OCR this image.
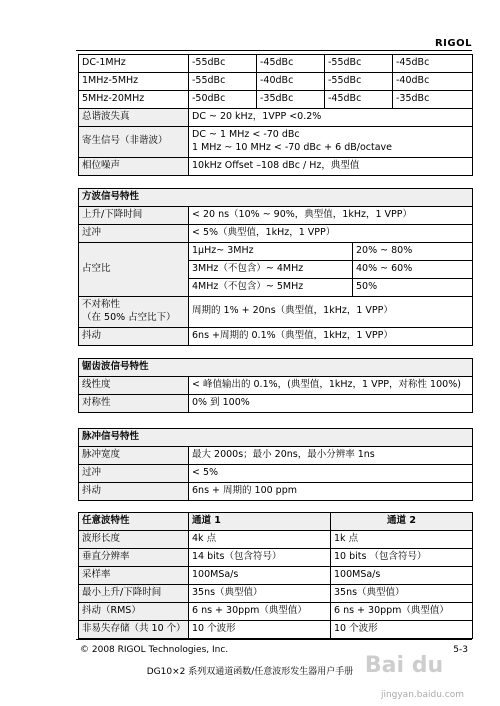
RIGOL
DC-1MHz	-55dBc	-45dBc	-55dBc	-45dBc
1MHz-5MHz	-55dBc	-40dBc	-55dBc	-40dBc
5MHz-20MHz	-50dBc	-35dBc	-45dBc	-35dBc
总谐波失真	DC ~ 20 kHz，1VPP <0.2%			
寄生信号（非谐波）	DC ~ 1 MHz < -70 dBc
1 MHz ~ 10 MHz < -70 dBc + 6 dB/octave			

相位噪声	10kHz Offset –108 dBc / Hz，典型值			
方波信号特性		
上升/下降时间	< 20 ns（10% ~ 90%，典型值，1kHz，1 VPP）	
过冲	< 5%（典型值，1kHz，1 VPP）	
占空比	1μHz~ 3MHz	20% ~ 80%
	3MHz（不包含）~ 4MHz	40% ~ 60%
	4MHz（不包含）~ 5MHz	50%

不对称性
（在 50% 占空比下）	周期的 1% + 20ns（典型值，1kHz，1 VPP）	
抖动	6ns +周期的 0.1%（典型值，1kHz，1 VPP）	
锯齿波信号特性	
线性度	< 峰值输出的 0.1%，(典型值，1kHz，1 VPP，对称性 100%)
对称性	0% 到 100%
脉冲信号特性	
脉冲宽度	最大 2000s；最小 20ns，最小分辨率 1ns
过冲	< 5%
抖动	6ns + 周期的 100 ppm
任意波特性	通道 1	通道 2
波形长度	4k 点	1k 点
垂直分辨率	14 bits（包含符号）	10 bits （包含符号）
采样率	100MSa/s	100MSa/s
最小上升/下降时间	35ns（典型值）	35ns（典型值）
抖动（RMS）	6 ns + 30ppm（典型值）	6 ns + 30ppm（典型值）
非易失存储（共 10 个）	10 个波形	10 个波形
© 2008 RIGOL Technologies, Inc.	5-3
DG10×2 系列双通道函数/任意波形发生器用户手册 Bai du
jingyan.baidu.com
